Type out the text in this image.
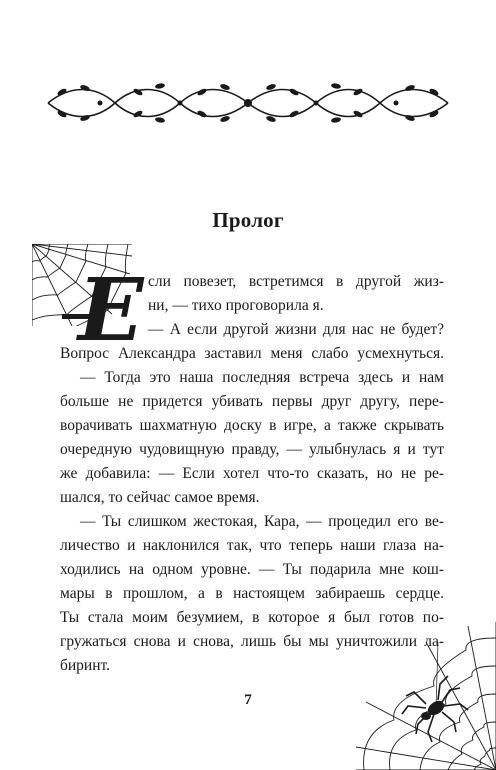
Пролог
Е сли повезет, встретимся в другой жиз-
ни, — тихо проговорила я.
— А если другой жизни для нас не будет?
Вопрос Александра заставил меня слабо усмехнуться.
— Тогда это наша последняя встреча здесь и нам
больше не придется убивать первы друг другу, пере-
ворачивать шахматную доску в игре, а также скрывать
очередную чудовищную правду, — улыбнулась я и тут
же добавила: — Если хотел что-то сказать, но не ре-
шался, то сейчас самое время.
— Ты слишком жестокая, Кара, — процедил его ве-
личество и наклонился так, что теперь наши глаза на-
ходились на одном уровне. — Ты подарила мне кош-
мары в прошлом, а в настоящем забираешь сердце.
Ты стала моим безумием, в которое я был готов по-
гружаться снова и снова, лишь бы мы уничтожили ла-
биринт.
7
